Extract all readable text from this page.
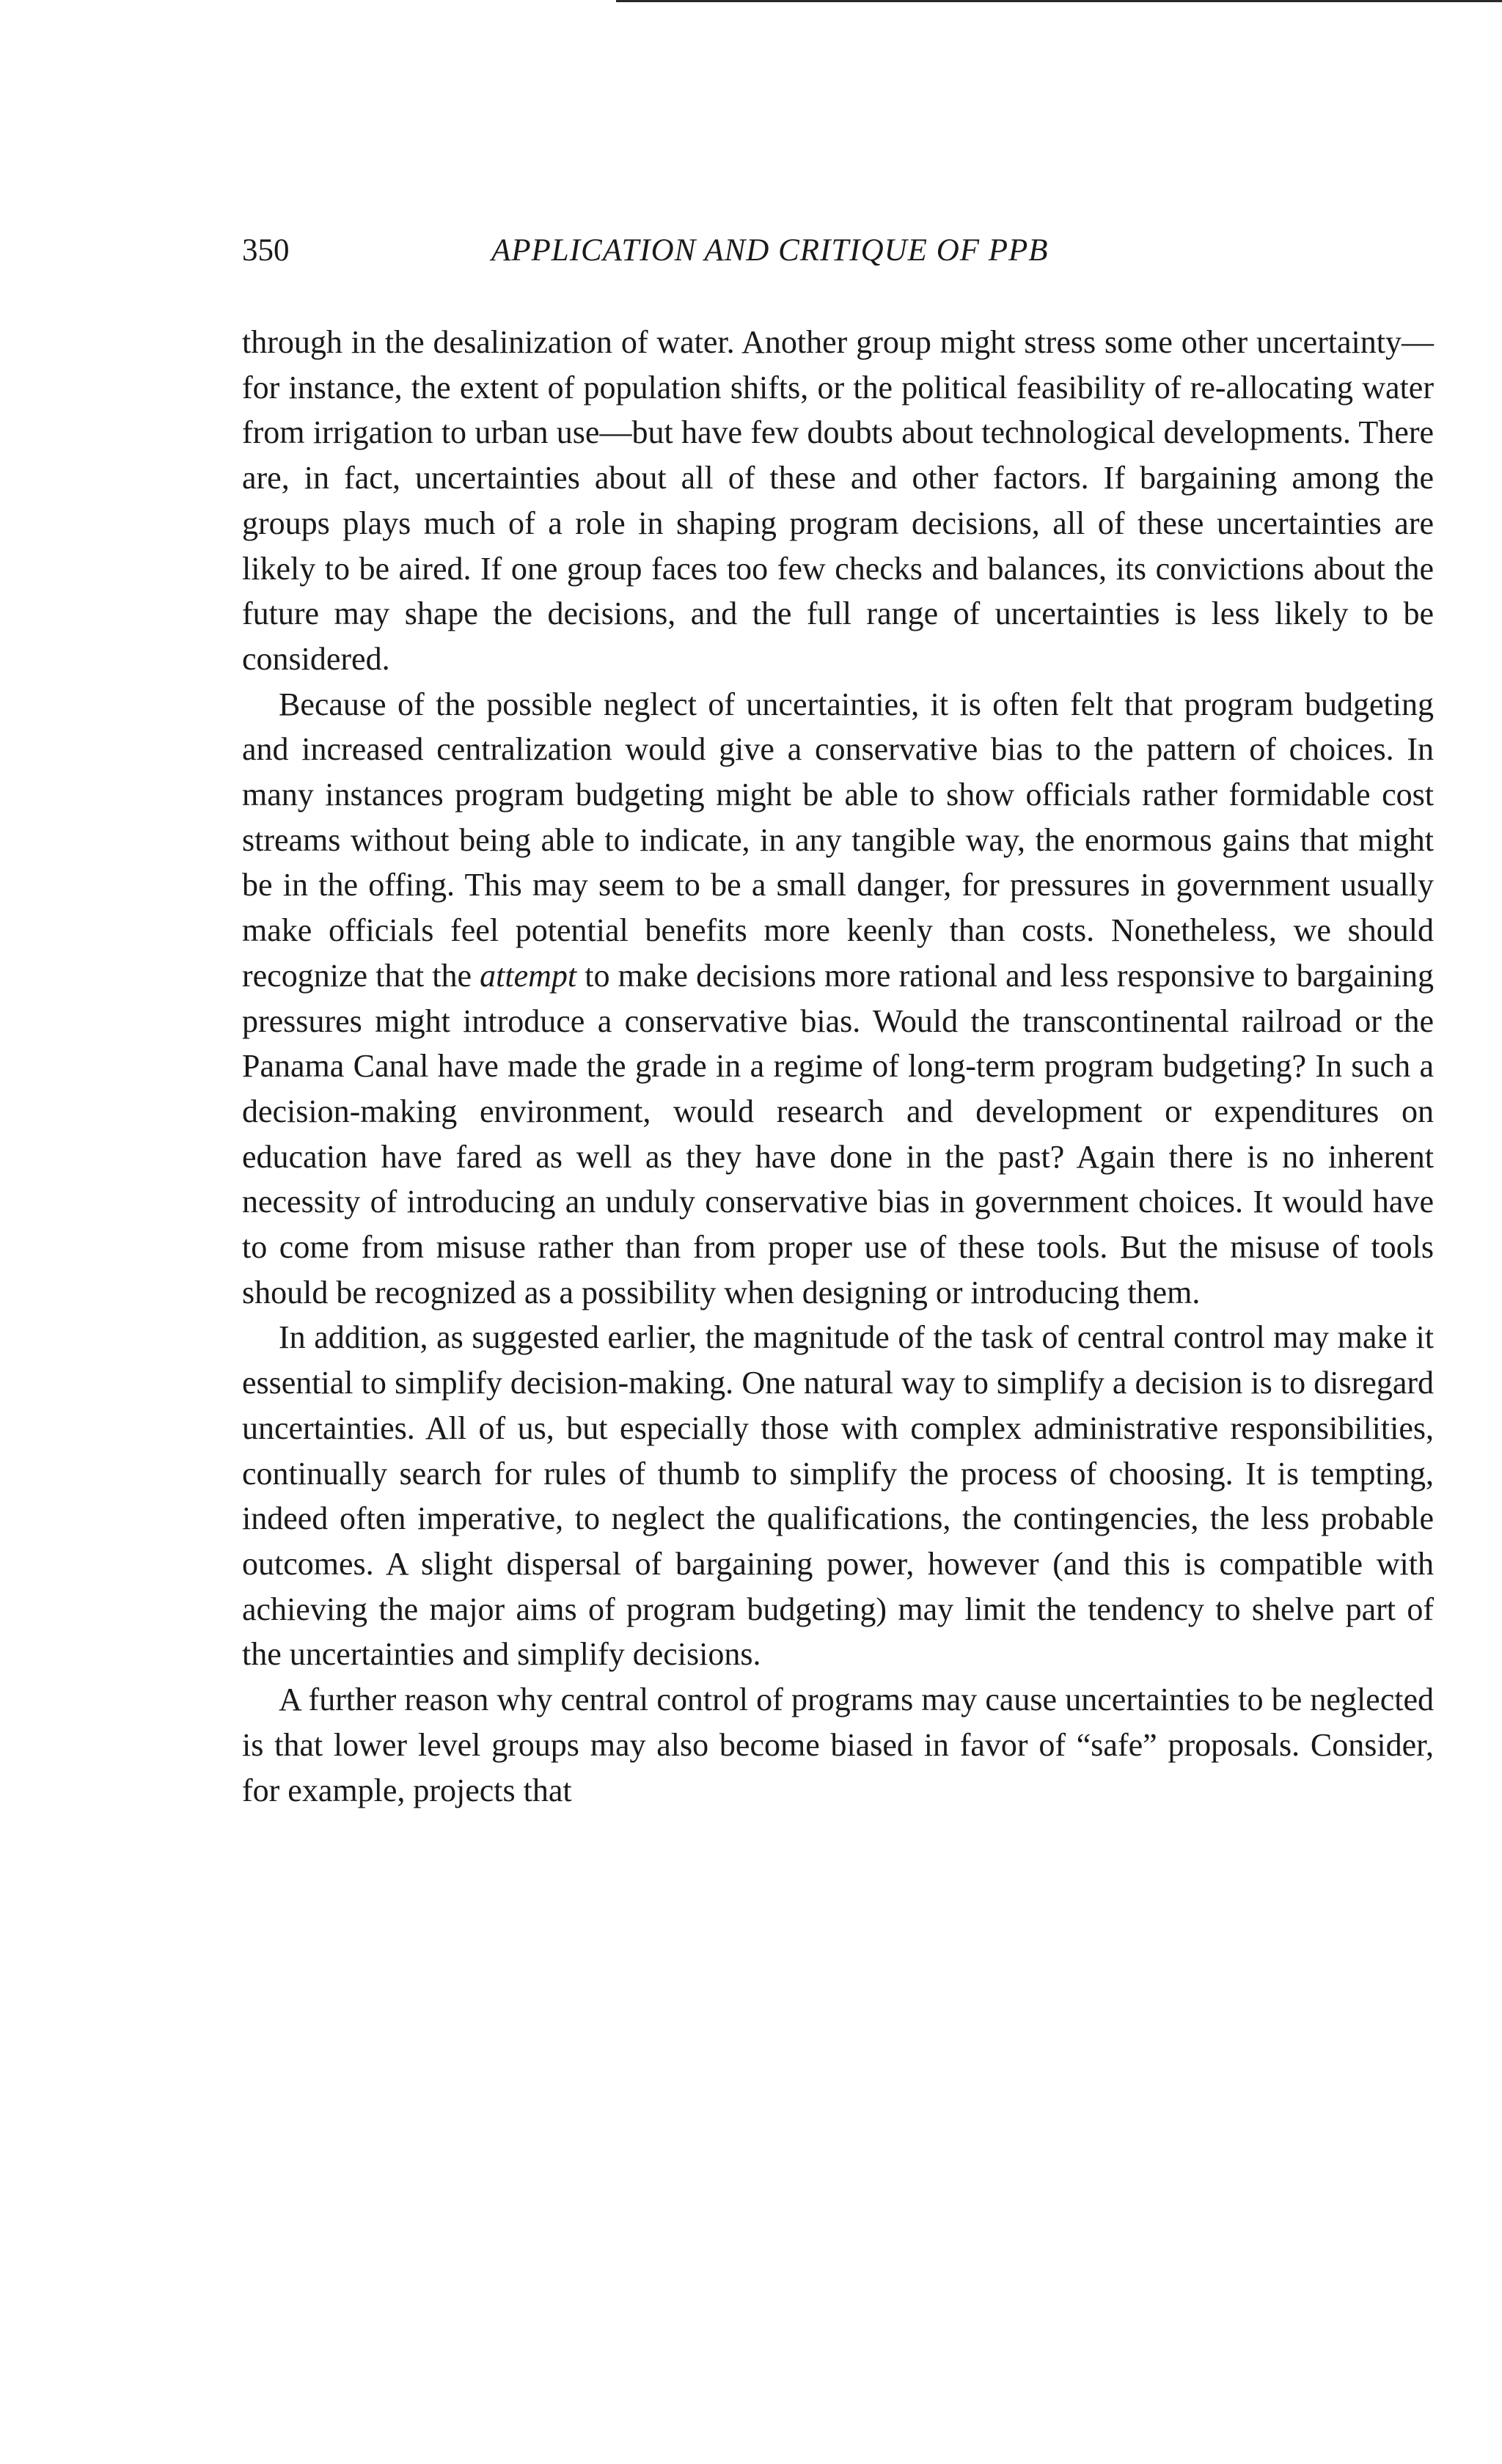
350	APPLICATION AND CRITIQUE OF PPB

through in the desalinization of water. Another group might stress some other uncertainty—for instance, the extent of population shifts, or the political feasibility of re-allocating water from irrigation to urban use—but have few doubts about technological developments. There are, in fact, uncertainties about all of these and other factors. If bargaining among the groups plays much of a role in shaping program decisions, all of these uncertainties are likely to be aired. If one group faces too few checks and balances, its convictions about the future may shape the decisions, and the full range of uncertainties is less likely to be considered.

Because of the possible neglect of uncertainties, it is often felt that program budgeting and increased centralization would give a conservative bias to the pattern of choices. In many instances program budgeting might be able to show officials rather formidable cost streams without being able to indicate, in any tangible way, the enormous gains that might be in the offing. This may seem to be a small danger, for pressures in government usually make officials feel potential benefits more keenly than costs. Nonetheless, we should recognize that the attempt to make decisions more rational and less responsive to bargaining pressures might introduce a conservative bias. Would the transcontinental railroad or the Panama Canal have made the grade in a regime of long-term program budgeting? In such a decision-making environment, would research and development or expenditures on education have fared as well as they have done in the past? Again there is no inherent necessity of introducing an unduly conservative bias in government choices. It would have to come from misuse rather than from proper use of these tools. But the misuse of tools should be recognized as a possibility when designing or introducing them.

In addition, as suggested earlier, the magnitude of the task of central control may make it essential to simplify decision-making. One natural way to simplify a decision is to disregard uncertainties. All of us, but especially those with complex administrative responsibilities, continually search for rules of thumb to simplify the process of choosing. It is tempting, indeed often imperative, to neglect the qualifications, the contingencies, the less probable outcomes. A slight dispersal of bargaining power, however (and this is compatible with achieving the major aims of program budgeting) may limit the tendency to shelve part of the uncertainties and simplify decisions.

A further reason why central control of programs may cause uncertainties to be neglected is that lower level groups may also become biased in favor of “safe” proposals. Consider, for example, projects that
